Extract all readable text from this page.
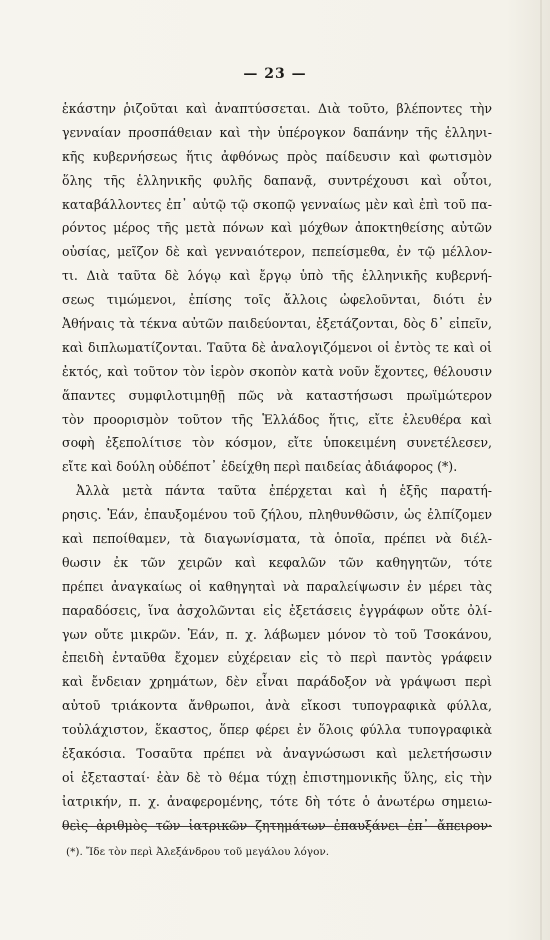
— 23 —
ἑκάστην ῥιζοῦται καὶ ἀναπτύσσεται. Διὰ τοῦτο, βλέποντες τὴν
γενναίαν προσπάθειαν καὶ τὴν ὑπέρογκον δαπάνην τῆς ἑλληνι-
κῆς κυβερνήσεως ἥτις ἀφθόνως πρὸς παίδευσιν καὶ φωτισμὸν
ὅλης τῆς ἑλληνικῆς φυλῆς δαπανᾷ, συντρέχουσι καὶ οὗτοι,
καταβάλλοντες ἐπ᾽ αὐτῷ τῷ σκοπῷ γενναίως μὲν καὶ ἐπὶ τοῦ πα-
ρόντος μέρος τῆς μετὰ πόνων καὶ μόχθων ἀποκτηθείσης αὐτῶν
οὐσίας, μεῖζον δὲ καὶ γενναιότερον, πεπείσμεθα, ἐν τῷ μέλλον-
τι. Διὰ ταῦτα δὲ λόγῳ καὶ ἔργῳ ὑπὸ τῆς ἑλληνικῆς κυβερνή-
σεως τιμώμενοι, ἐπίσης τοῖς ἄλλοις ὠφελοῦνται, διότι ἐν
Ἀθήναις τὰ τέκνα αὐτῶν παιδεύονται, ἐξετάζονται, δὸς δ᾽ εἰπεῖν,
καὶ διπλωματίζονται. Ταῦτα δὲ ἀναλογιζόμενοι οἱ ἐντὸς τε καὶ οἱ
ἐκτός, καὶ τοῦτον τὸν ἱερὸν σκοπὸν κατὰ νοῦν ἔχοντες, θέλουσιν
ἅπαντες συμφιλοτιμηθῇ πῶς νὰ καταστήσωσι πρωϊμώτερον
τὸν προορισμὸν τοῦτον τῆς Ἑλλάδος ἥτις, εἴτε ἐλευθέρα καὶ
σοφὴ ἐξεπολίτισε τὸν κόσμον, εἴτε ὑποκειμένη συνετέλεσεν,
εἴτε καὶ δούλη οὐδέποτ᾽ ἐδείχθη περὶ παιδείας ἀδιάφορος (*).
Ἀλλὰ μετὰ πάντα ταῦτα ἐπέρχεται καὶ ἡ ἑξῆς παρατή-
ρησις. Ἐάν, ἐπαυξομένου τοῦ ζήλου, πληθυνθῶσιν, ὡς ἐλπίζομεν
καὶ πεποίθαμεν, τὰ διαγωνίσματα, τὰ ὁποῖα, πρέπει νὰ διέλ-
θωσιν ἐκ τῶν χειρῶν καὶ κεφαλῶν τῶν καθηγητῶν, τότε
πρέπει ἀναγκαίως οἱ καθηγηταὶ νὰ παραλείψωσιν ἐν μέρει τὰς
παραδόσεις, ἵνα ἀσχολῶνται εἰς ἐξετάσεις ἐγγράφων οὔτε ὀλί-
γων οὔτε μικρῶν. Ἐάν, π. χ. λάβωμεν μόνον τὸ τοῦ Τσοκάνου,
ἐπειδὴ ἐνταῦθα ἔχομεν εὐχέρειαν εἰς τὸ περὶ παντὸς γράφειν
καὶ ἔνδειαν χρημάτων, δὲν εἶναι παράδοξον νὰ γράψωσι περὶ
αὐτοῦ τριάκοντα ἄνθρωποι, ἀνὰ εἴκοσι τυπογραφικὰ φύλλα,
τοὐλάχιστον, ἕκαστος, ὅπερ φέρει ἐν ὅλοις φύλλα τυπογραφικὰ
ἑξακόσια. Τοσαῦτα πρέπει νὰ ἀναγνώσωσι καὶ μελετήσωσιν
οἱ ἐξετασταί· ἐὰν δὲ τὸ θέμα τύχῃ ἐπιστημονικῆς ὕλης, εἰς τὴν
ἰατρικήν, π. χ. ἀναφερομένης, τότε δὴ τότε ὁ ἀνωτέρω σημειω-
θεὶς ἀριθμὸς τῶν ἰατρικῶν ζητημάτων ἐπαυξάνει ἐπ᾽ ἄπειρον·
(*). Ἴδε τὸν περὶ Ἀλεξάνδρου τοῦ μεγάλου λόγον.
